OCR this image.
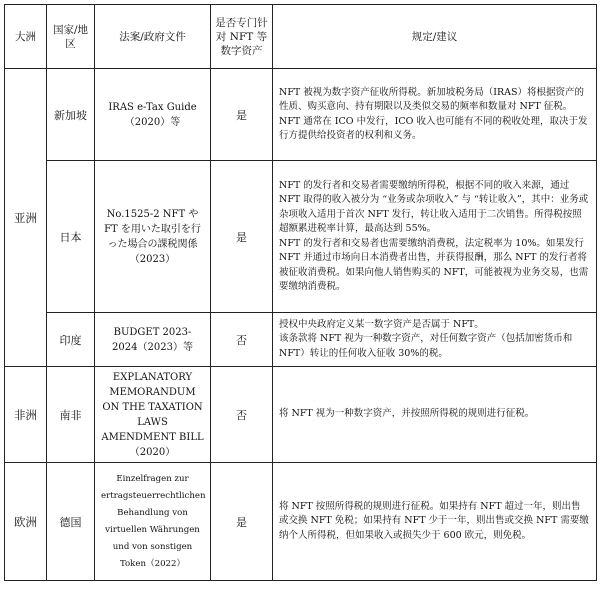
大洲	国家/地区	法案/政府文件	是否专门针对 NFT 等数字资产	规定/建议
亚洲	新加坡	IRAS e-Tax Guide（2020）等	是	NFT 被视为数字资产征收所得税。新加坡税务局（IRAS）将根据资产的性质、购买意向、持有期限以及类似交易的频率和数量对 NFT 征税。

NFT 通常在 ICO 中发行，ICO 收入也可能有不同的税收处理，取决于发行方提供给投资者的权利和义务。

	日本	No.1525-2 NFT や FT を用いた取引を行った場合の課税関係（2023）	是	NFT 的发行者和交易者需要缴纳所得税，根据不同的收入来源，通过 NFT 取得的收入被分为 “业务或杂项收入” 与 “转让收入”，其中：业务或杂项收入适用于首次 NFT 发行，转让收入适用于二次销售。所得税按照超额累进税率计算，最高达到 55%。

NFT 的发行者和交易者也需要缴纳消费税，法定税率为 10%。如果发行 NFT 并通过市场向日本消费者出售，并获得报酬，那么 NFT 的发行者将被征收消费税。如果向他人销售购买的 NFT，可能被视为业务交易，也需要缴纳消费税。

	印度	BUDGET 2023-2024（2023）等	否	授权中央政府定义某一数字资产是否属于 NFT。

该条款将 NFT 视为一种数字资产，对任何数字资产（包括加密货币和 NFT）转让的任何收入征收 30%的税。

非洲	南非	EXPLANATORY MEMORANDUM ON THE TAXATION LAWS AMENDMENT BILL（2020）	否	将 NFT 视为一种数字资产，并按照所得税的规则进行征税。

欧洲	德国	Einzelfragen zur ertragsteuerrechtlichen Behandlung von virtuellen Währungen und von sonstigen Token（2022）	是	将 NFT 按照所得税的规则进行征税。如果持有 NFT 超过一年，则出售或交换 NFT 免税；如果持有 NFT 少于一年，则出售或交换 NFT 需要缴纳个人所得税，但如果收入或损失少于 600 欧元，则免税。
